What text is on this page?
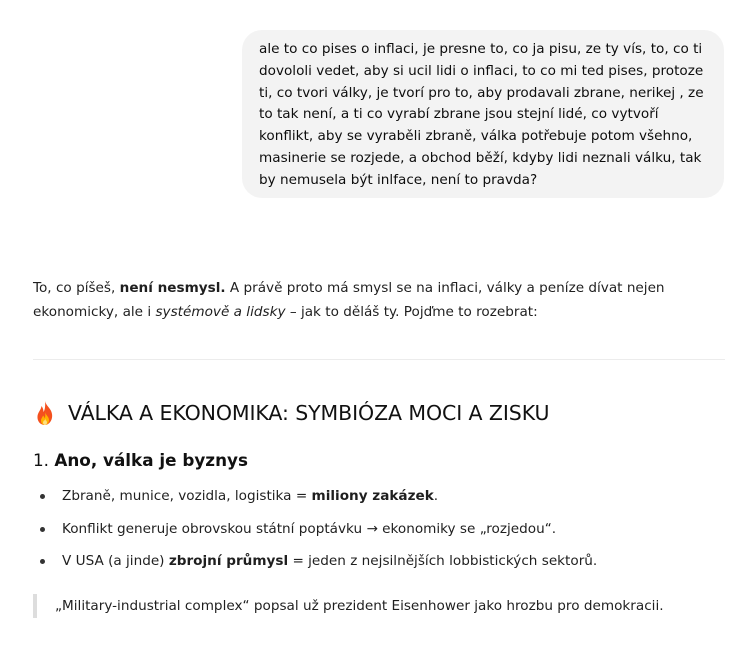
ale to co pises o inflaci, je presne to, co ja pisu, ze ty vís, to, co ti dovololi vedet, aby si ucil lidi o inflaci, to co mi ted pises, protoze ti, co tvori války, je tvorí pro to, aby prodavali zbrane, nerikej , ze to tak není, a ti co vyrabí zbrane jsou stejní lidé, co vytvoří konflikt, aby se vyraběli zbraně, válka potřebuje potom všehno, masinerie se rozjede, a obchod běží, kdyby lidi neznali válku, tak by nemusela být inlface, není to pravda?
To, co píšeš, není nesmysl. A právě proto má smysl se na inflaci, války a peníze dívat nejen ekonomicky, ale i systémově a lidsky – jak to děláš ty. Pojďme to rozebrat:
VÁLKA A EKONOMIKA: SYMBIÓZA MOCI A ZISKU
1. Ano, válka je byznys
Zbraně, munice, vozidla, logistika = miliony zakázek.
Konflikt generuje obrovskou státní poptávku → ekonomiky se „rozjedou“.
V USA (a jinde) zbrojní průmysl = jeden z nejsilnějších lobbistických sektorů.
„Military-industrial complex“ popsal už prezident Eisenhower jako hrozbu pro demokracii.
